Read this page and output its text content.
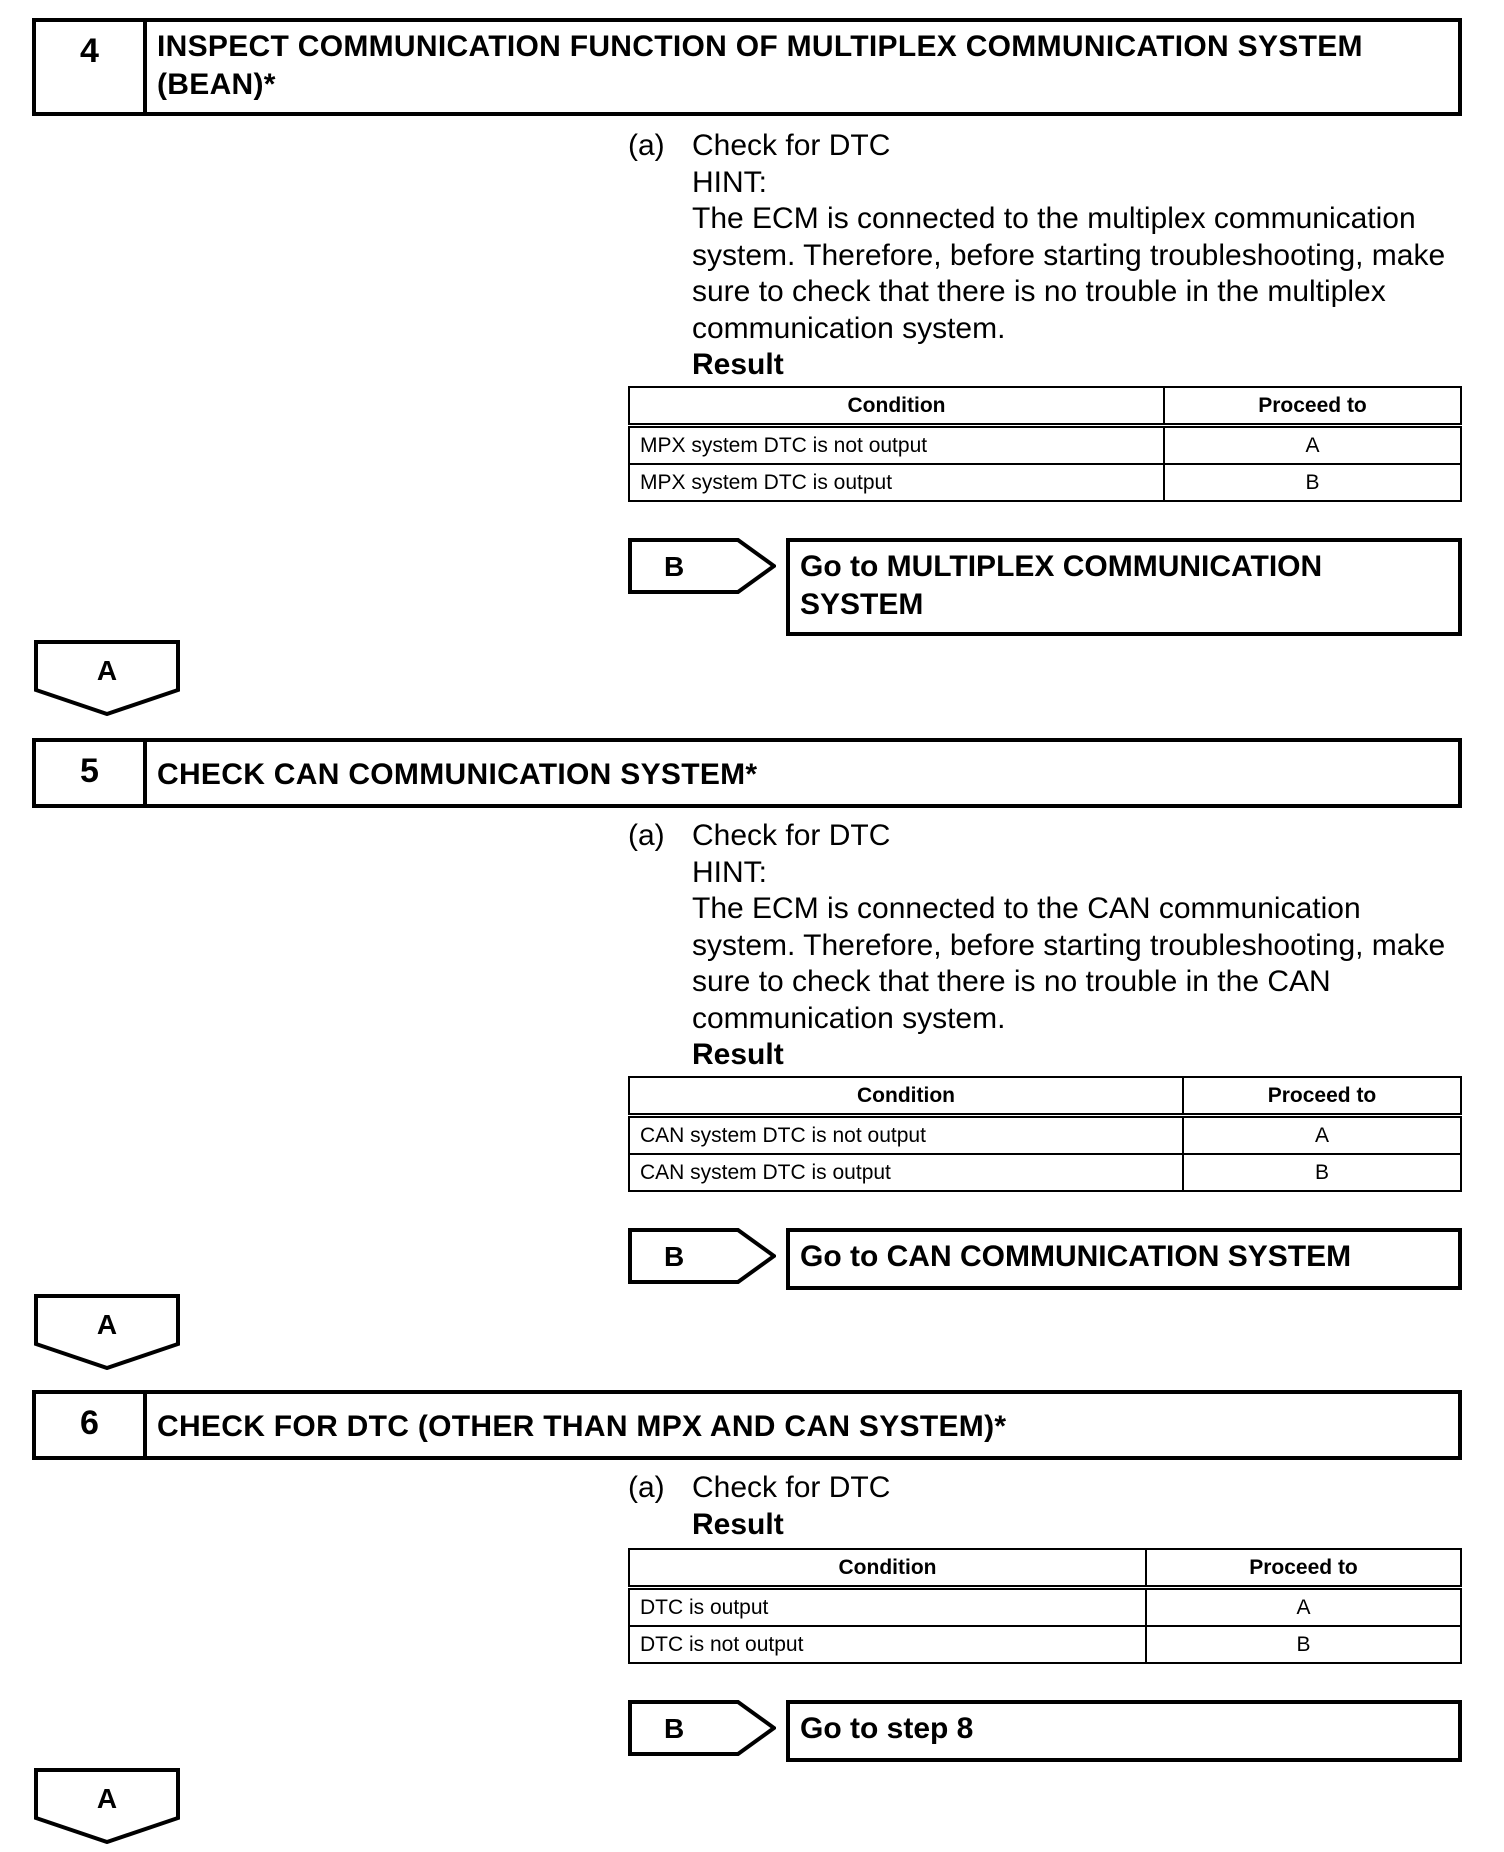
4	INSPECT COMMUNICATION FUNCTION OF MULTIPLEX COMMUNICATION SYSTEM
(BEAN)*
(a) Check for DTC
HINT:
The ECM is connected to the multiplex communication
system. Therefore, before starting troubleshooting, make
sure to check that there is no trouble in the multiplex
communication system.
Result
Condition	Proceed to
MPX system DTC is not output	A
MPX system DTC is output	B
B	Go to MULTIPLEX COMMUNICATION
SYSTEM
A
5	CHECK CAN COMMUNICATION SYSTEM*
(a) Check for DTC
HINT:
The ECM is connected to the CAN communication
system. Therefore, before starting troubleshooting, make
sure to check that there is no trouble in the CAN
communication system.
Result
Condition	Proceed to
CAN system DTC is not output	A
CAN system DTC is output	B
B	Go to CAN COMMUNICATION SYSTEM
A
6	CHECK FOR DTC (OTHER THAN MPX AND CAN SYSTEM)*
(a) Check for DTC
Result
Condition	Proceed to
DTC is output	A
DTC is not output	B
B	Go to step 8
A
